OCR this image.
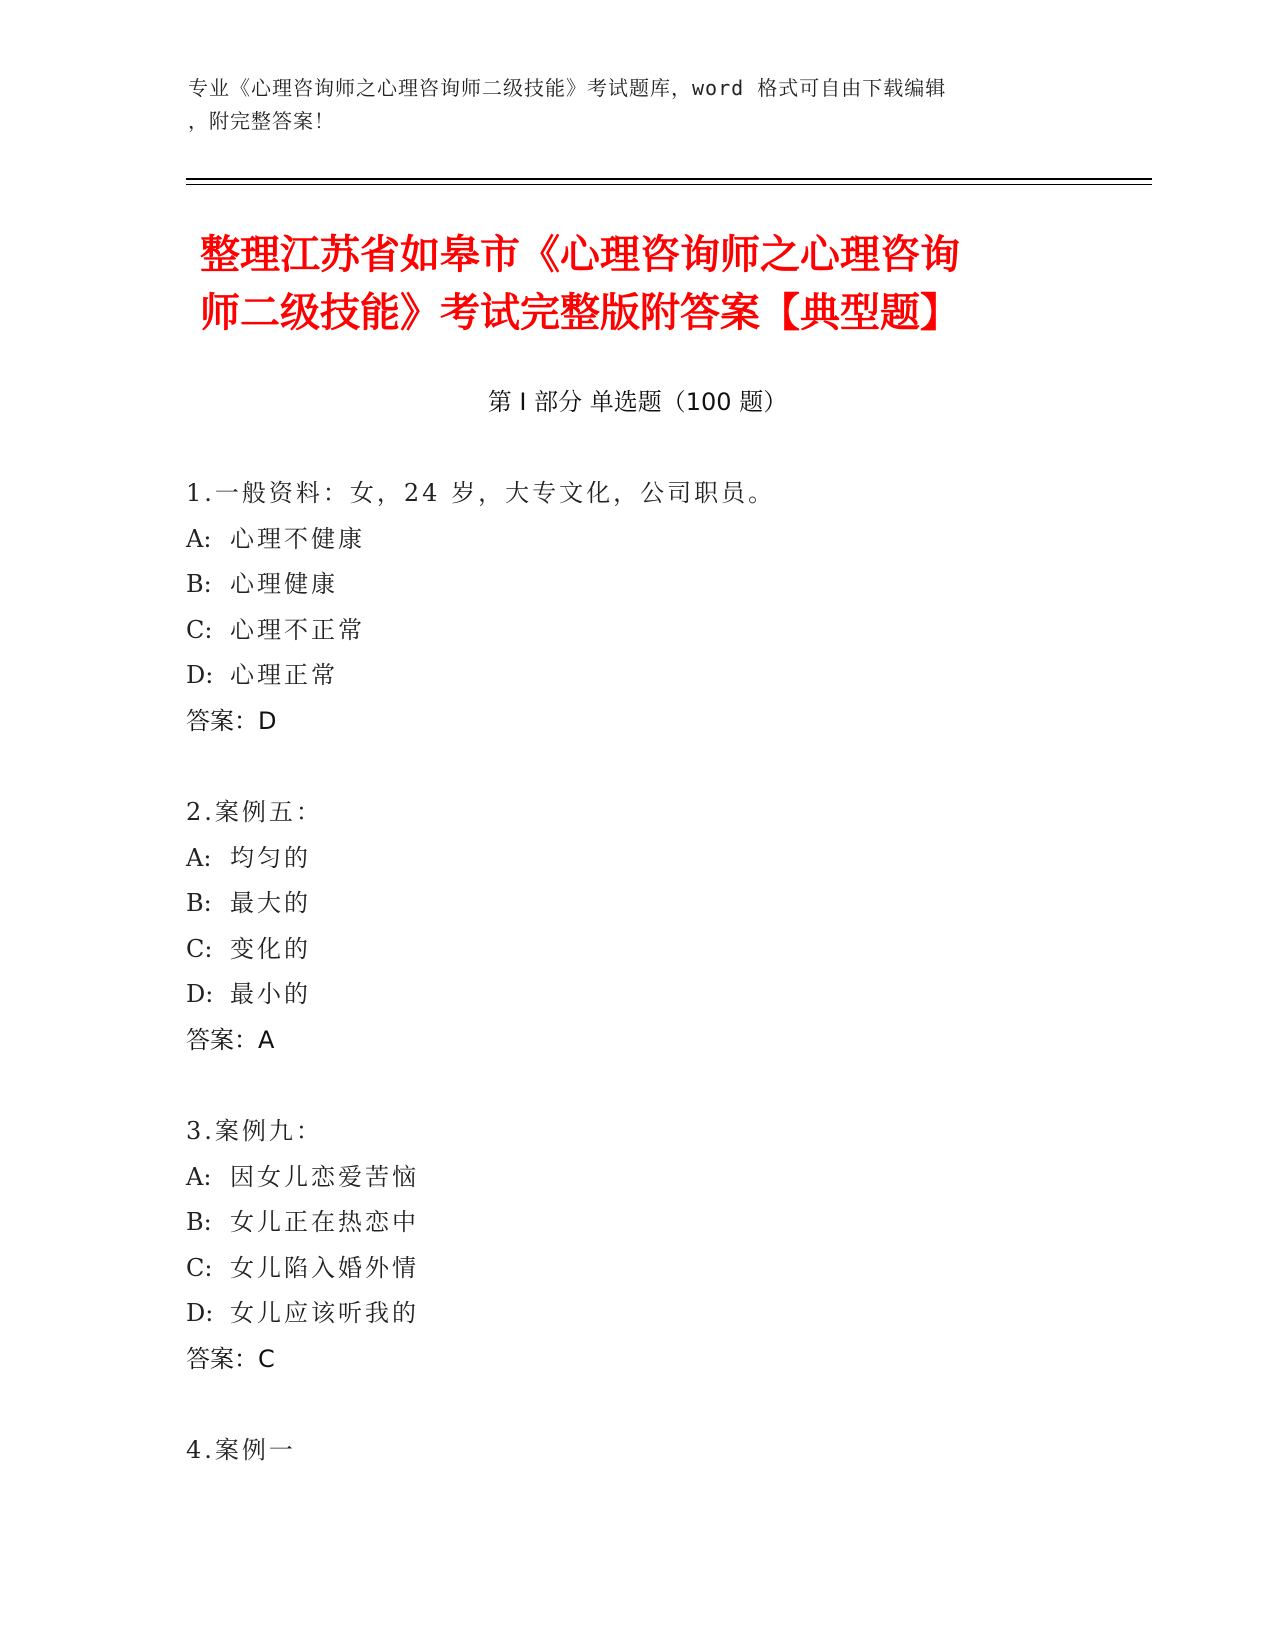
专业《心理咨询师之心理咨询师二级技能》考试题库，word 格式可自由下载编辑
，附完整答案！
整理江苏省如皋市《心理咨询师之心理咨询
师二级技能》考试完整版附答案【典型题】
第 I 部分 单选题（100 题）
1.一般资料：女，24 岁，大专文化，公司职员。
A: 心理不健康
B: 心理健康
C: 心理不正常
D: 心理正常
答案：D
2.案例五：
A: 均匀的
B: 最大的
C: 变化的
D: 最小的
答案：A
3.案例九：
A: 因女儿恋爱苦恼
B: 女儿正在热恋中
C: 女儿陷入婚外情
D: 女儿应该听我的
答案：C
4.案例一
